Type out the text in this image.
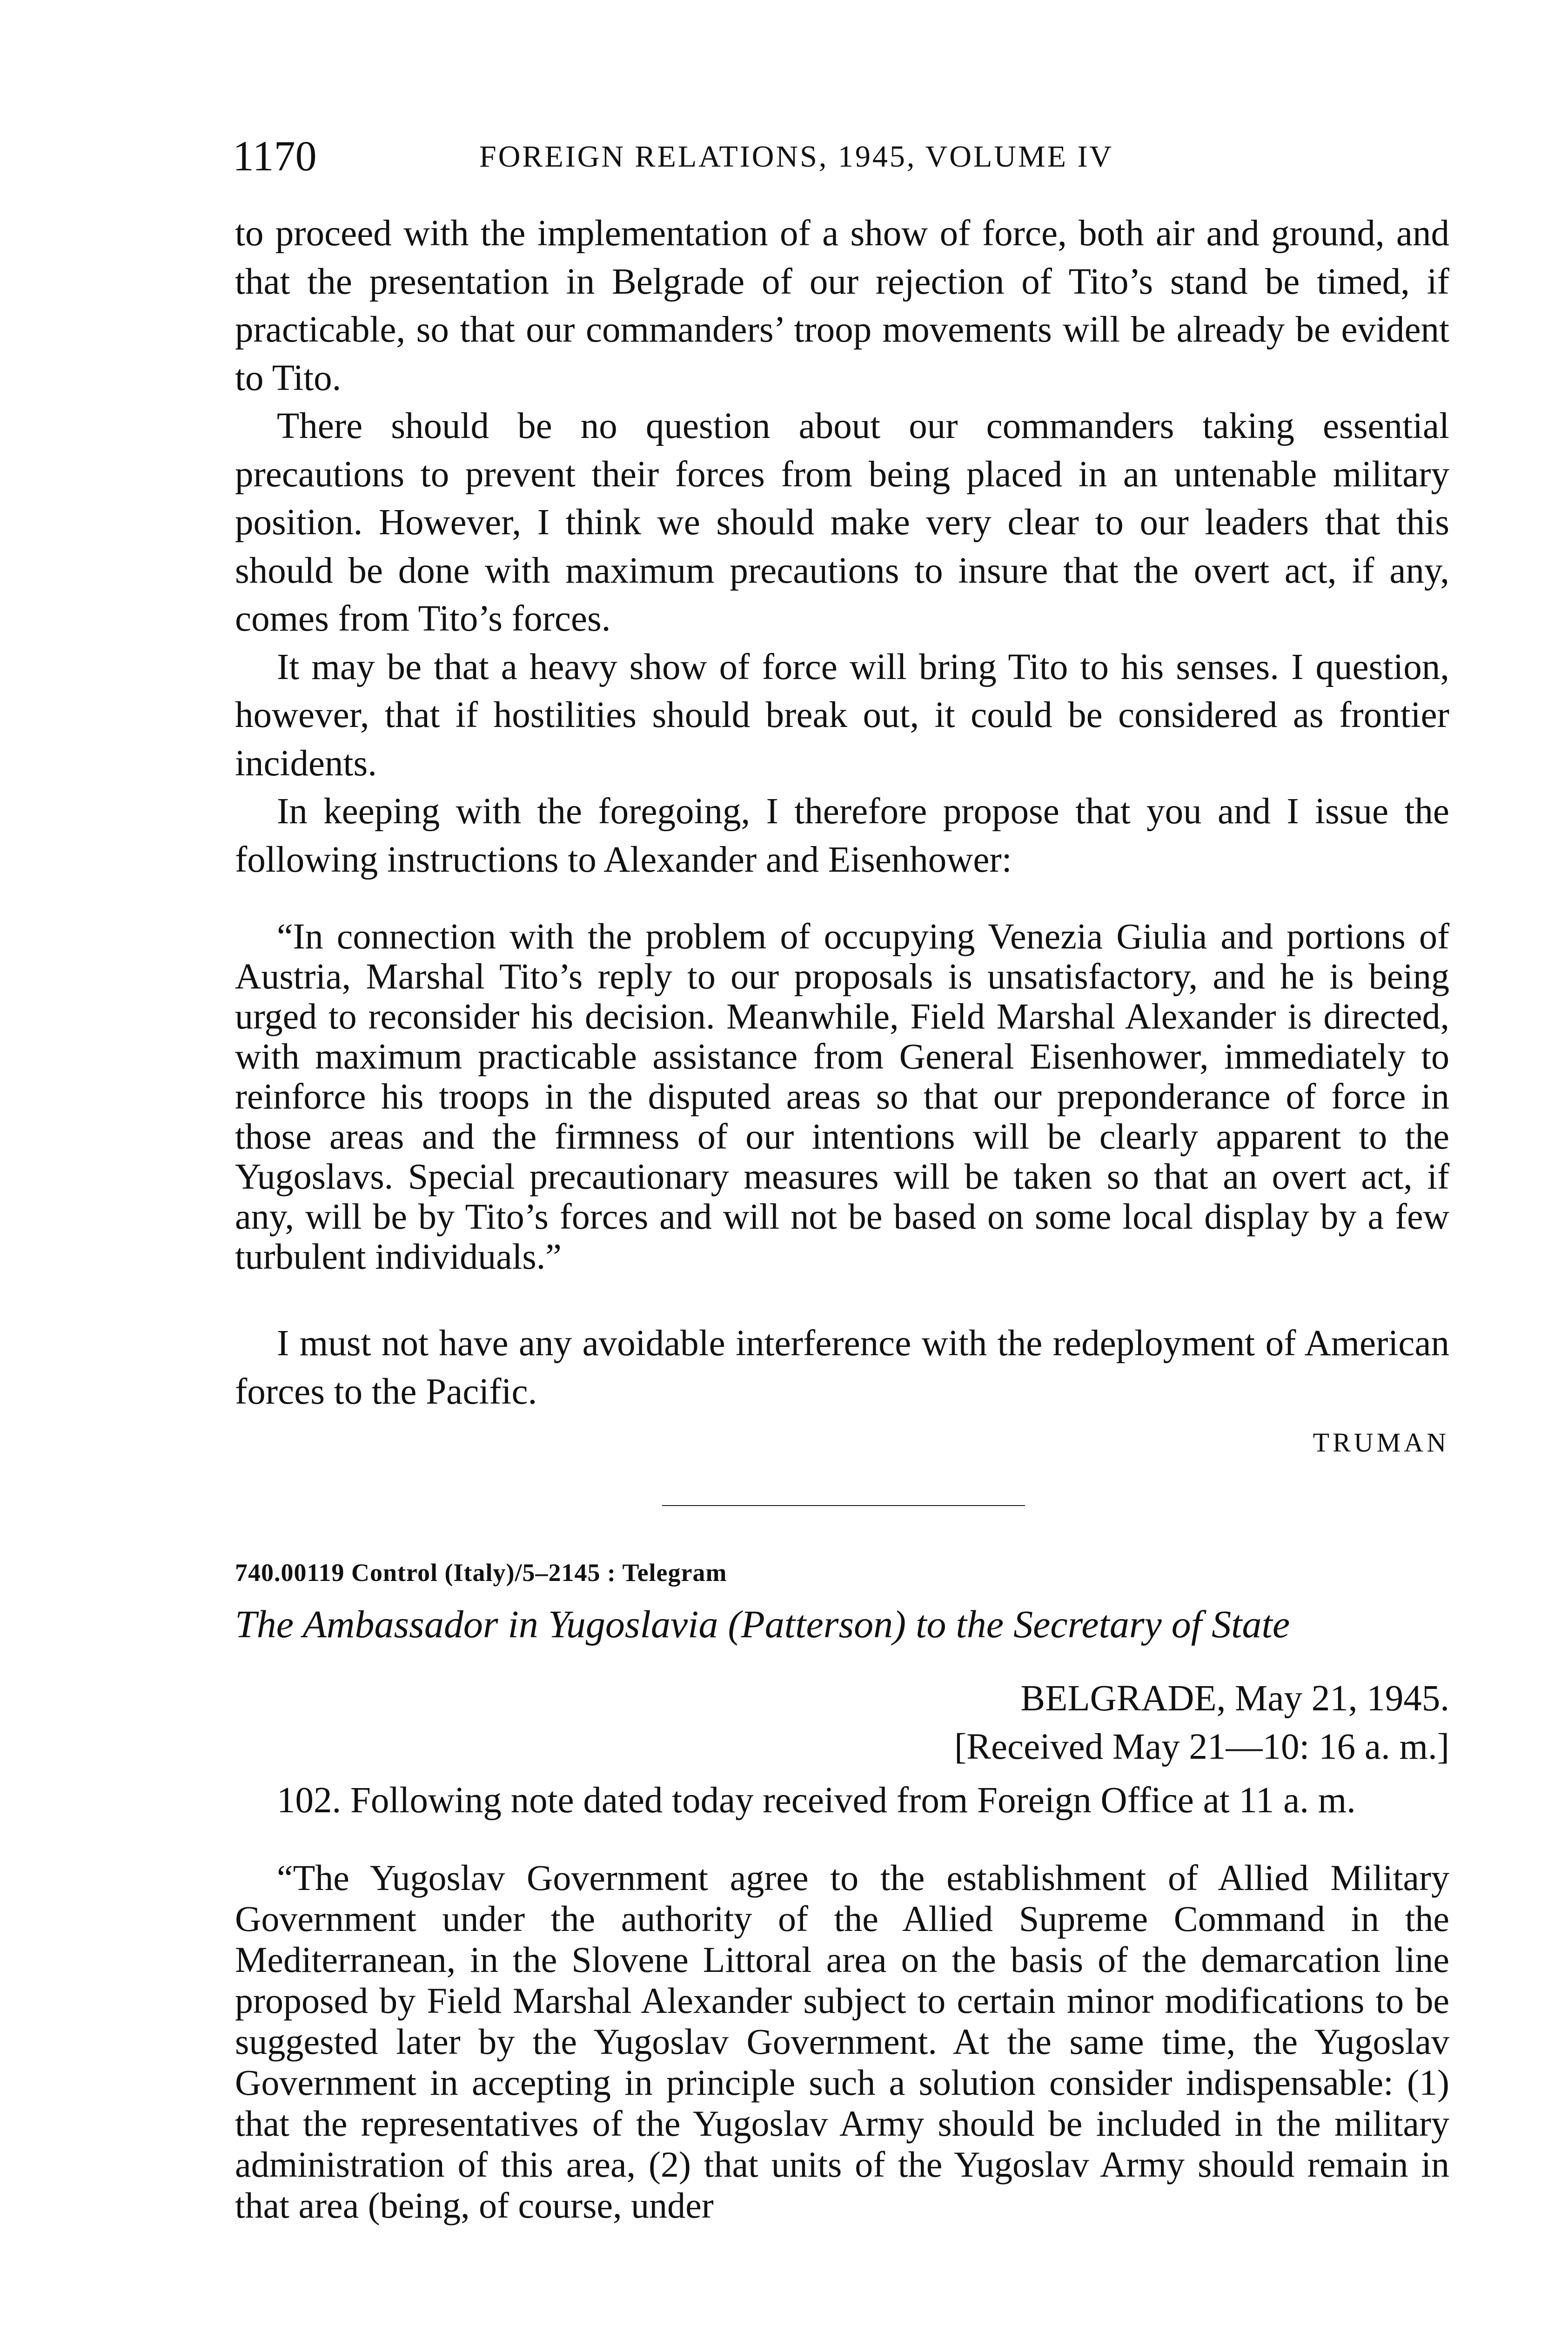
1170	FOREIGN RELATIONS, 1945, VOLUME IV

to proceed with the implementation of a show of force, both air and ground, and that the presentation in Belgrade of our rejection of Tito’s stand be timed, if practicable, so that our commanders’ troop movements will be already be evident to Tito.

There should be no question about our commanders taking essential precautions to prevent their forces from being placed in an untenable military position. However, I think we should make very clear to our leaders that this should be done with maximum precautions to insure that the overt act, if any, comes from Tito’s forces.

It may be that a heavy show of force will bring Tito to his senses. I question, however, that if hostilities should break out, it could be considered as frontier incidents.

In keeping with the foregoing, I therefore propose that you and I issue the following instructions to Alexander and Eisenhower:

“In connection with the problem of occupying Venezia Giulia and portions of Austria, Marshal Tito’s reply to our proposals is unsatisfactory, and he is being urged to reconsider his decision. Meanwhile, Field Marshal Alexander is directed, with maximum practicable assistance from General Eisenhower, immediately to reinforce his troops in the disputed areas so that our preponderance of force in those areas and the firmness of our intentions will be clearly apparent to the Yugoslavs. Special precautionary measures will be taken so that an overt act, if any, will be by Tito’s forces and will not be based on some local display by a few turbulent individuals.”

I must not have any avoidable interference with the redeployment of American forces to the Pacific.

TRUMAN
740.00119 Control (Italy)/5–2145 : Telegram
The Ambassador in Yugoslavia (Patterson) to the Secretary of State
BELGRADE, May 21, 1945.
[Received May 21—10: 16 a. m.]

102. Following note dated today received from Foreign Office at 11 a. m.

“The Yugoslav Government agree to the establishment of Allied Military Government under the authority of the Allied Supreme Command in the Mediterranean, in the Slovene Littoral area on the basis of the demarcation line proposed by Field Marshal Alexander subject to certain minor modifications to be suggested later by the Yugoslav Government. At the same time, the Yugoslav Government in accepting in principle such a solution consider indispensable: (1) that the representatives of the Yugoslav Army should be included in the military administration of this area, (2) that units of the Yugoslav Army should remain in that area (being, of course, under
